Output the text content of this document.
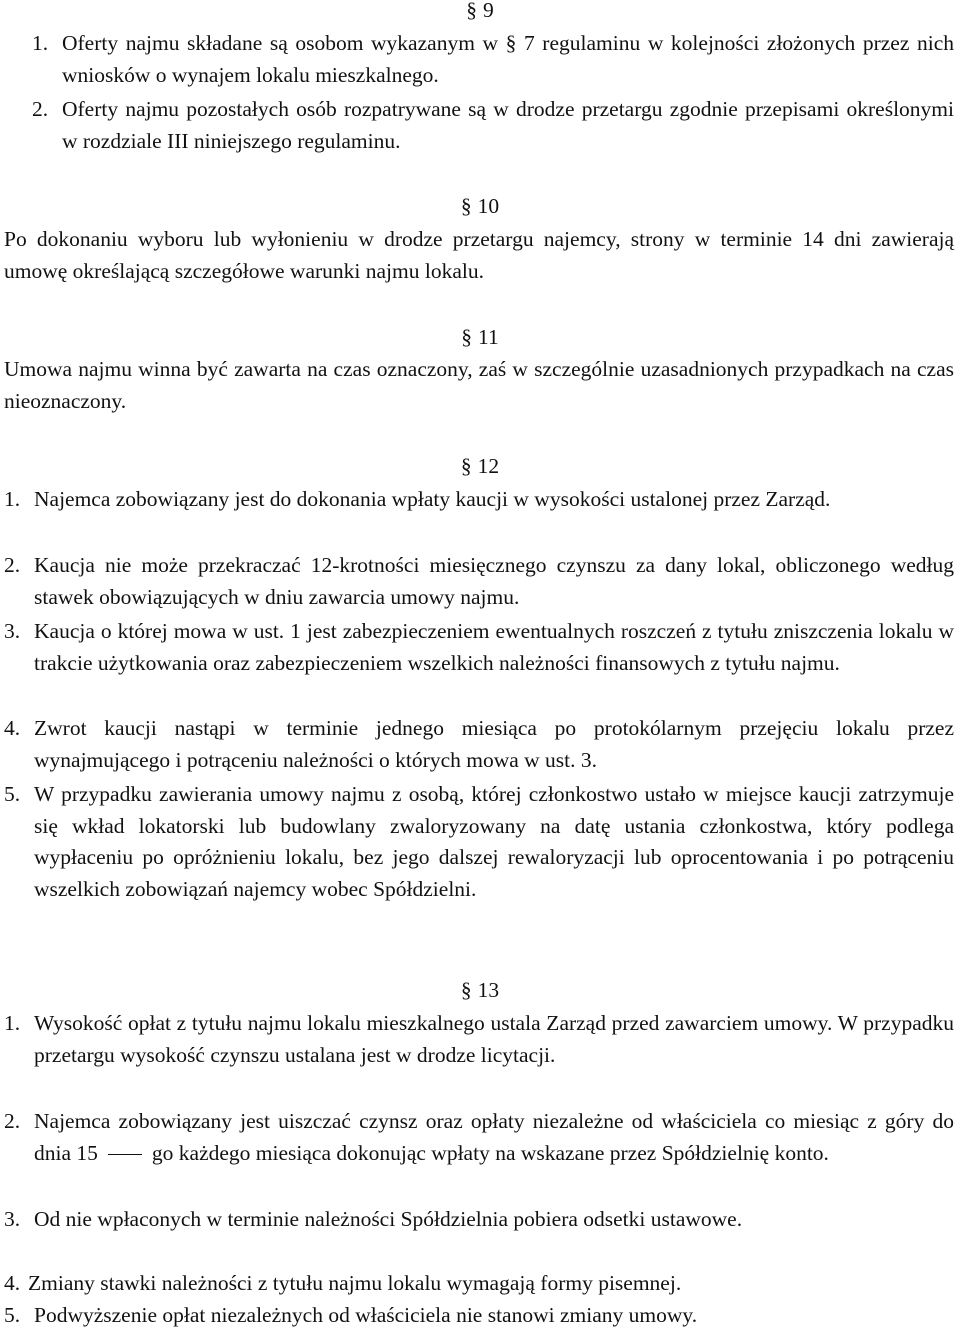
§ 9
1. Oferty najmu składane są osobom wykazanym w § 7 regulaminu w kolejności złożonych przez nich wniosków o wynajem lokalu mieszkalnego.
2. Oferty najmu pozostałych osób rozpatrywane są w drodze przetargu zgodnie przepisami określonymi w rozdziale III niniejszego regulaminu.
§ 10
Po dokonaniu wyboru lub wyłonieniu w drodze przetargu najemcy, strony w terminie 14 dni zawierają umowę określającą szczegółowe warunki najmu lokalu.
§ 11
Umowa najmu winna być zawarta na czas oznaczony, zaś w szczególnie uzasadnionych przypadkach na czas nieoznaczony.
§ 12
1. Najemca zobowiązany jest do dokonania wpłaty kaucji w wysokości ustalonej przez Zarząd.
2. Kaucja nie może przekraczać 12-krotności miesięcznego czynszu za dany lokal, obliczonego według stawek obowiązujących w dniu zawarcia umowy najmu.
3. Kaucja o której mowa w ust. 1 jest zabezpieczeniem ewentualnych roszczeń z tytułu zniszczenia lokalu w trakcie użytkowania oraz zabezpieczeniem wszelkich należności finansowych z tytułu najmu.
4. Zwrot kaucji nastąpi w terminie jednego miesiąca po protokólarnym przejęciu lokalu przez wynajmującego i potrąceniu należności o których mowa w ust. 3.
5. W przypadku zawierania umowy najmu z osobą, której członkostwo ustało w miejsce kaucji zatrzymuje się wkład lokatorski lub budowlany zwaloryzowany na datę ustania członkostwa, który podlega wypłaceniu po opróżnieniu lokalu, bez jego dalszej rewaloryzacji lub oprocentowania i po potrąceniu wszelkich zobowiązań najemcy wobec Spółdzielni.
§ 13
1. Wysokość opłat z tytułu najmu lokalu mieszkalnego ustala Zarząd przed zawarciem umowy. W przypadku przetargu wysokość czynszu ustalana jest w drodze licytacji.
2. Najemca zobowiązany jest uiszczać czynsz oraz opłaty niezależne od właściciela co miesiąc z góry do dnia 15	go każdego miesiąca dokonując wpłaty na wskazane przez Spółdzielnię konto.
3. Od nie wpłaconych w terminie należności Spółdzielnia pobiera odsetki ustawowe.
4. Zmiany stawki należności z tytułu najmu lokalu wymagają formy pisemnej.
5. Podwyższenie opłat niezależnych od właściciela nie stanowi zmiany umowy.
